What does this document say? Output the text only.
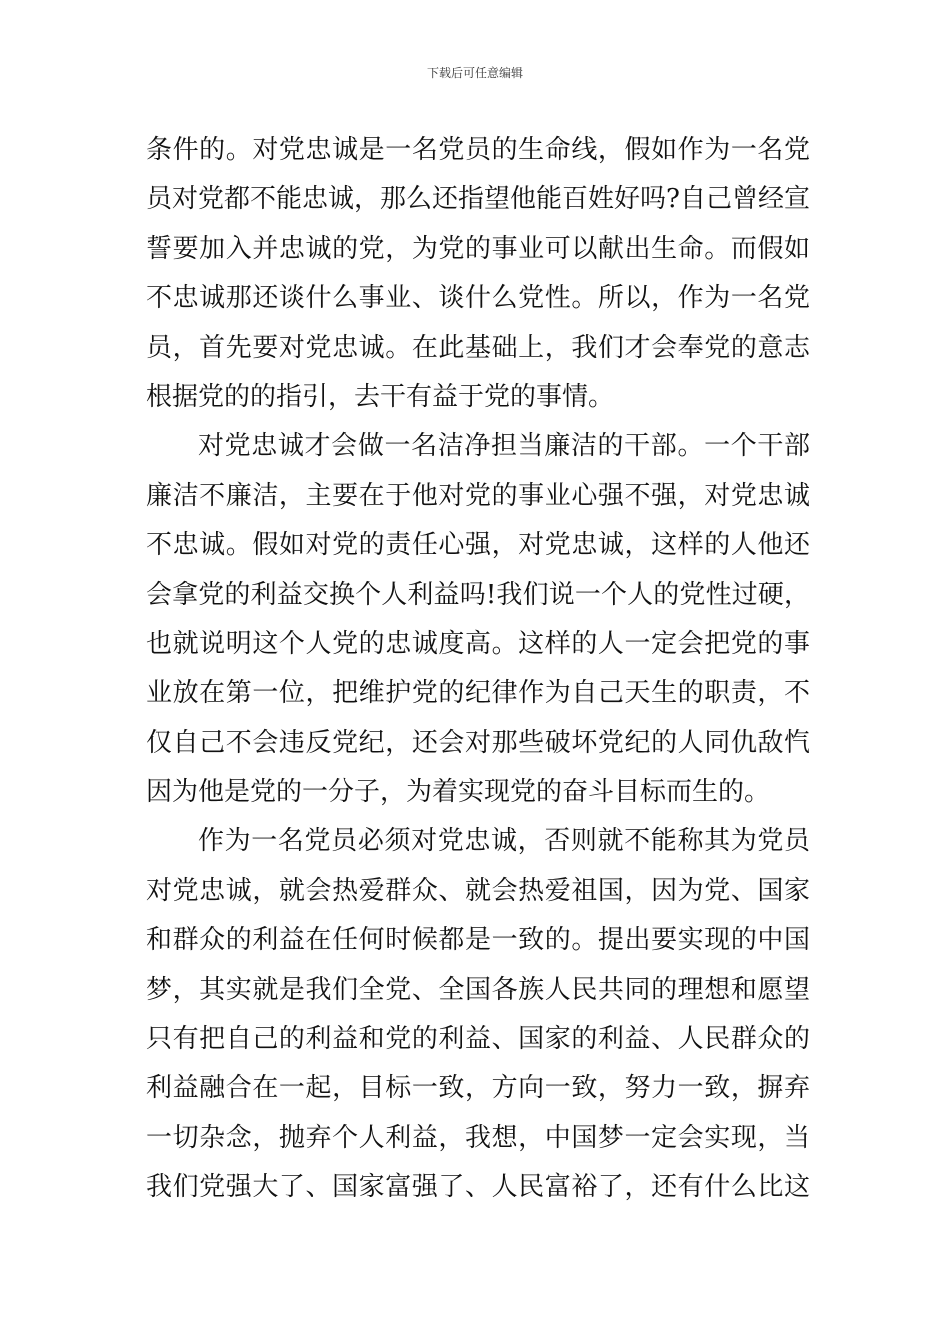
下载后可任意编辑
条件的。对党忠诚是一名党员的生命线，假如作为一名党
员对党都不能忠诚，那么还指望他能百姓好吗?自己曾经宣
誓要加入并忠诚的党，为党的事业可以献出生命。而假如
不忠诚那还谈什么事业、谈什么党性。所以，作为一名党
员，首先要对党忠诚。在此基础上，我们才会奉党的意志
根据党的的指引，去干有益于党的事情。
对党忠诚才会做一名洁净担当廉洁的干部。一个干部
廉洁不廉洁，主要在于他对党的事业心强不强，对党忠诚
不忠诚。假如对党的责任心强，对党忠诚，这样的人他还
会拿党的利益交换个人利益吗!我们说一个人的党性过硬，
也就说明这个人党的忠诚度高。这样的人一定会把党的事
业放在第一位，把维护党的纪律作为自己天生的职责，不
仅自己不会违反党纪，还会对那些破坏党纪的人同仇敌忾
因为他是党的一分子，为着实现党的奋斗目标而生的。
作为一名党员必须对党忠诚，否则就不能称其为党员
对党忠诚，就会热爱群众、就会热爱祖国，因为党、国家
和群众的利益在任何时候都是一致的。提出要实现的中国
梦，其实就是我们全党、全国各族人民共同的理想和愿望
只有把自己的利益和党的利益、国家的利益、人民群众的
利益融合在一起，目标一致，方向一致，努力一致，摒弃
一切杂念，抛弃个人利益，我想，中国梦一定会实现，当
我们党强大了、国家富强了、人民富裕了，还有什么比这
